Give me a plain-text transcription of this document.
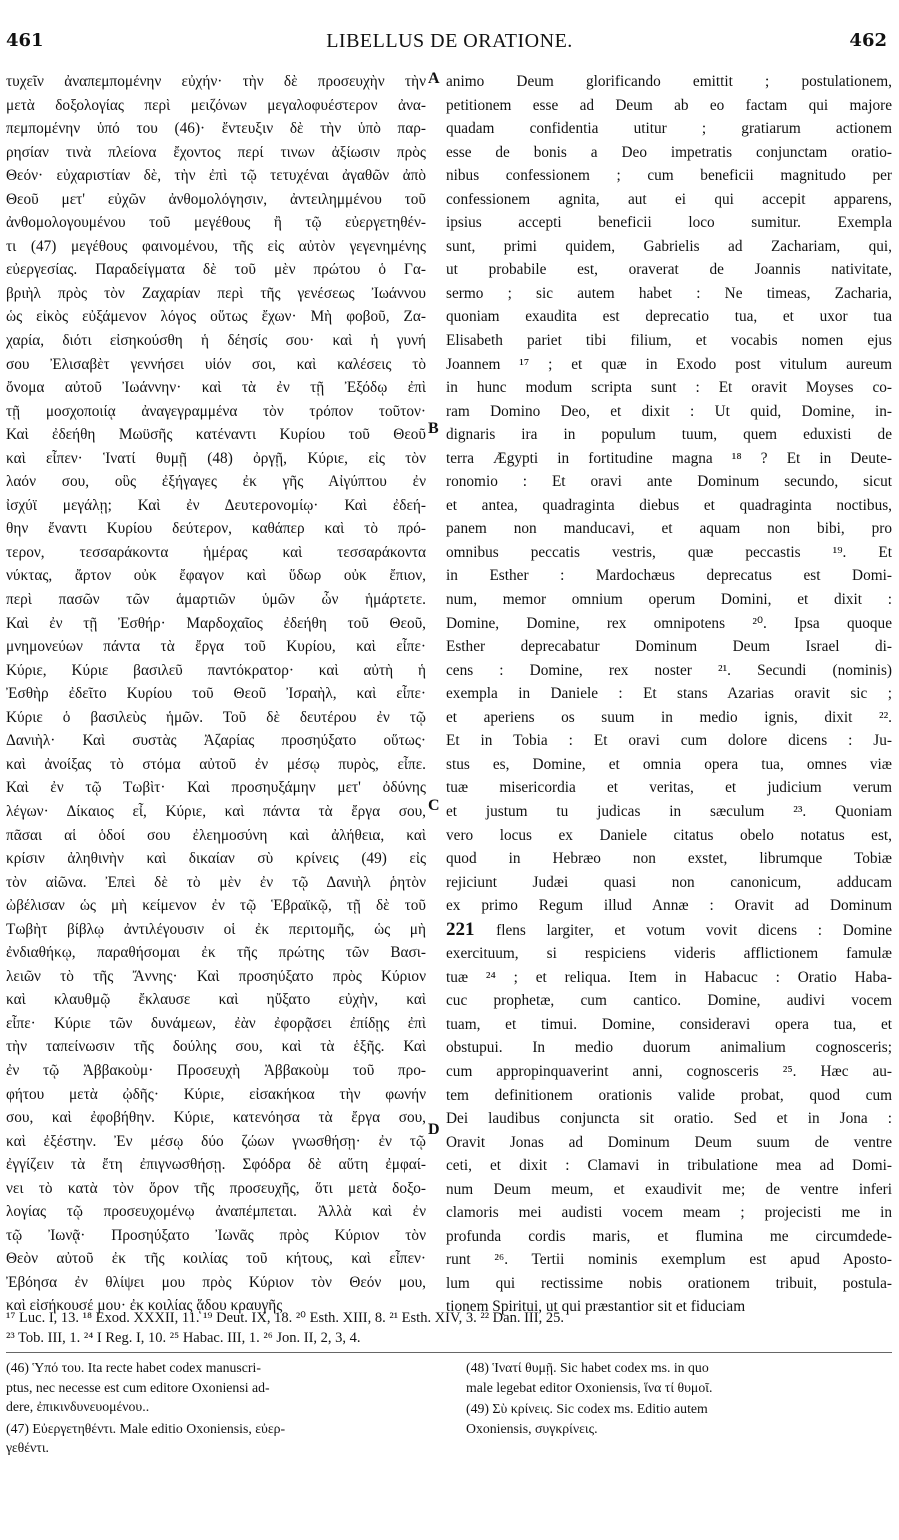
461	LIBELLUS DE ORATIONE.	462
τυχεῖν ἀναπεμπομένην εὐχήν· τὴν δὲ προσευχὴν τὴν
μετὰ δοξολογίας περὶ μειζόνων μεγαλοφυέστερον ἀνα-
πεμπομένην ὑπό του (46)· ἔντευξιν δὲ τὴν ὑπὸ παρ-
ρησίαν τινὰ πλείονα ἔχοντος περί τινων ἀξίωσιν πρὸς
Θεόν· εὐχαριστίαν δὲ, τὴν ἐπὶ τῷ τετυχέναι ἀγαθῶν ἀπὸ
Θεοῦ μετ' εὐχῶν ἀνθομολόγησιν, ἀντειλημμένου τοῦ
ἀνθομολογουμένου τοῦ μεγέθους ἢ τῷ εὐεργετηθέν-
τι (47) μεγέθους φαινομένου, τῆς εἰς αὐτὸν γεγενημένης
εὐεργεσίας. Παραδείγματα δὲ τοῦ μὲν πρώτου ὁ Γα-
βριὴλ πρὸς τὸν Ζαχαρίαν περὶ τῆς γενέσεως Ἰωάννου
ὡς εἰκὸς εὐξάμενον λόγος οὕτως ἔχων· Μὴ φοβοῦ, Ζα-
χαρία, διότι εἰσηκούσθη ἡ δέησίς σου· καὶ ἡ γυνή
σου Ἐλισαβὲτ γεννήσει υἱόν σοι, καὶ καλέσεις τὸ
ὄνομα αὐτοῦ Ἰωάννην· καὶ τὰ ἐν τῇ Ἐξόδῳ ἐπὶ
τῇ μοσχοποιίᾳ ἀναγεγραμμένα τὸν τρόπον τοῦτον·
Καὶ ἐδεήθη Μωϋσῆς κατέναντι Κυρίου τοῦ Θεοῦ
καὶ εἶπεν· Ἱνατί θυμῇ (48) ὀργῇ, Κύριε, εἰς τὸν
λαόν σου, οὓς ἐξήγαγες ἐκ γῆς Αἰγύπτου ἐν
ἰσχύϊ μεγάλῃ; Καὶ ἐν Δευτερονομίῳ· Καὶ ἐδεή-
θην ἔναντι Κυρίου δεύτερον, καθάπερ καὶ τὸ πρό-
τερον, τεσσαράκοντα ἡμέρας καὶ τεσσαράκοντα
νύκτας, ἄρτον οὐκ ἔφαγον καὶ ὕδωρ οὐκ ἔπιον,
περὶ πασῶν τῶν ἁμαρτιῶν ὑμῶν ὧν ἡμάρτετε.
Καὶ ἐν τῇ Ἐσθήρ· Μαρδοχαῖος ἐδεήθη τοῦ Θεοῦ,
μνημονεύων πάντα τὰ ἔργα τοῦ Κυρίου, καὶ εἶπε·
Κύριε, Κύριε βασιλεῦ παντόκρατορ· καὶ αὐτὴ ἡ
Ἐσθὴρ ἐδεῖτο Κυρίου τοῦ Θεοῦ Ἰσραὴλ, καὶ εἶπε·
Κύριε ὁ βασιλεὺς ἡμῶν. Τοῦ δὲ δευτέρου ἐν τῷ
Δανιὴλ· Καὶ συστὰς Ἀζαρίας προσηύξατο οὕτως·
καὶ ἀνοίξας τὸ στόμα αὐτοῦ ἐν μέσῳ πυρὸς, εἶπε.
Καὶ ἐν τῷ Τωβὶτ· Καὶ προσηυξάμην μετ' ὀδύνης
λέγων· Δίκαιος εἶ, Κύριε, καὶ πάντα τὰ ἔργα σου,
πᾶσαι αἱ ὁδοί σου ἐλεημοσύνη καὶ ἀλήθεια, καὶ
κρίσιν ἀληθινὴν καὶ δικαίαν σὺ κρίνεις (49) εἰς
τὸν αἰῶνα. Ἐπεὶ δὲ τὸ μὲν ἐν τῷ Δανιὴλ ῥητὸν
ὠβέλισαν ὡς μὴ κείμενον ἐν τῷ Ἑβραϊκῷ, τῇ δὲ τοῦ
Τωβὴτ βίβλῳ ἀντιλέγουσιν οἱ ἐκ περιτομῆς, ὡς μὴ
ἐνδιαθήκῳ, παραθήσομαι ἐκ τῆς πρώτης τῶν Βασι-
λειῶν τὸ τῆς Ἄννης· Καὶ προσηύξατο πρὸς Κύριον
καὶ κλαυθμῷ ἔκλαυσε καὶ ηὔξατο εὐχὴν, καὶ
εἶπε· Κύριε τῶν δυνάμεων, ἐὰν ἐφορᾷσει ἐπίδῃς ἐπὶ
τὴν ταπείνωσιν τῆς δούλης σου, καὶ τὰ ἑξῆς. Καὶ
ἐν τῷ Ἀββακοὺμ· Προσευχὴ Ἀββακοὺμ τοῦ προ-
φήτου μετὰ ᾠδῆς· Κύριε, εἰσακήκοα τὴν φωνήν
σου, καὶ ἐφοβήθην. Κύριε, κατενόησα τὰ ἔργα σου,
καὶ ἐξέστην. Ἐν μέσῳ δύο ζώων γνωσθήσῃ· ἐν τῷ
ἐγγίζειν τὰ ἔτη ἐπιγνωσθήσῃ. Σφόδρα δὲ αὕτη ἐμφαί-
νει τὸ κατὰ τὸν ὅρον τῆς προσευχῆς, ὅτι μετὰ δοξο-
λογίας τῷ προσευχομένῳ ἀναπέμπεται. Ἀλλὰ καὶ ἐν
τῷ Ἰωνᾷ· Προσηύξατο Ἰωνᾶς πρὸς Κύριον τὸν
Θεὸν αὐτοῦ ἐκ τῆς κοιλίας τοῦ κήτους, καὶ εἶπεν·
Ἐβόησα ἐν θλίψει μου πρὸς Κύριον τὸν Θεόν μου,
καὶ εἰσήκουσέ μου· ἐκ κοιλίας ᾅδου κραυγῆς
animo Deum glorificando emittit ; postulationem,
petitionem esse ad Deum ab eo factam qui majore
quadam confidentia utitur ; gratiarum actionem
esse de bonis a Deo impetratis conjunctam oratio-
nibus confessionem ; cum beneficii magnitudo per
confessionem agnita, aut ei qui accepit apparens,
ipsius accepti beneficii loco sumitur. Exempla
sunt, primi quidem, Gabrielis ad Zachariam, qui,
ut probabile est, oraverat de Joannis nativitate,
sermo ; sic autem habet : Ne timeas, Zacharia,
quoniam exaudita est deprecatio tua, et uxor tua
Elisabeth pariet tibi filium, et vocabis nomen ejus
Joannem ¹⁷ ; et quæ in Exodo post vitulum aureum
in hunc modum scripta sunt : Et oravit Moyses co-
ram Domino Deo, et dixit : Ut quid, Domine, in-
dignaris ira in populum tuum, quem eduxisti de
terra Ægypti in fortitudine magna ¹⁸ ? Et in Deute-
ronomio : Et oravi ante Dominum secundo, sicut
et antea, quadraginta diebus et quadraginta noctibus,
panem non manducavi, et aquam non bibi, pro
omnibus peccatis vestris, quæ peccastis ¹⁹. Et
in Esther : Mardochæus deprecatus est Domi-
num, memor omnium operum Domini, et dixit :
Domine, Domine, rex omnipotens ²⁰. Ipsa quoque
Esther deprecabatur Dominum Deum Israel di-
cens : Domine, rex noster ²¹. Secundi (nominis)
exempla in Daniele : Et stans Azarias oravit sic ;
et aperiens os suum in medio ignis, dixit ²².
Et in Tobia : Et oravi cum dolore dicens : Ju-
stus es, Domine, et omnia opera tua, omnes viæ
tuæ misericordia et veritas, et judicium verum
et justum tu judicas in sæculum ²³. Quoniam
vero locus ex Daniele citatus obelo notatus est,
quod in Hebræo non exstet, librumque Tobiæ
rejiciunt Judæi quasi non canonicum, adducam
ex primo Regum illud Annæ : Oravit ad Dominum
221 flens largiter, et votum vovit dicens : Domine
exercituum, si respiciens videris afflictionem famulæ
tuæ ²⁴ ; et reliqua. Item in Habacuc : Oratio Haba-
cuc prophetæ, cum cantico. Domine, audivi vocem
tuam, et timui. Domine, consideravi opera tua, et
obstupui. In medio duorum animalium cognosceris;
cum appropinquaverint anni, cognosceris ²⁵. Hæc au-
tem definitionem orationis valide probat, quod cum
Dei laudibus conjuncta sit oratio. Sed et in Jona :
Oravit Jonas ad Dominum Deum suum de ventre
ceti, et dixit : Clamavi in tribulatione mea ad Domi-
num Deum meum, et exaudivit me; de ventre inferi
clamoris mei audisti vocem meam ; projecisti me in
profunda cordis maris, et flumina me circumdede-
runt ²⁶. Tertii nominis exemplum est apud Aposto-
lum qui rectissime nobis orationem tribuit, postula-
tionem Spiritui, ut qui præstantior sit et fiduciam
A
B
C
D
¹⁷ Luc. I, 13. ¹⁸ Exod. XXXII, 11. ¹⁹ Deut. IX, 18. ²⁰ Esth. XIII, 8. ²¹ Esth. XIV, 3. ²² Dan. III, 25.
²³ Tob. III, 1. ²⁴ I Reg. I, 10. ²⁵ Habac. III, 1. ²⁶ Jon. II, 2, 3, 4.
(46) Ὑπό του. Ita recte habet codex manuscri-
ptus, nec necesse est cum editore Oxoniensi ad-
dere, ἐπικινδυνευομένου..
(47) Εὐεργετηθέντι. Male editio Oxoniensis, εὐερ-
γεθέντι.
(48) Ἱνατί θυμῇ. Sic habet codex ms. in quo
male legebat editor Oxoniensis, ἵνα τί θυμοῖ.
(49) Σὺ κρίνεις. Sic codex ms. Editio autem
Oxoniensis, συγκρίνεις.
